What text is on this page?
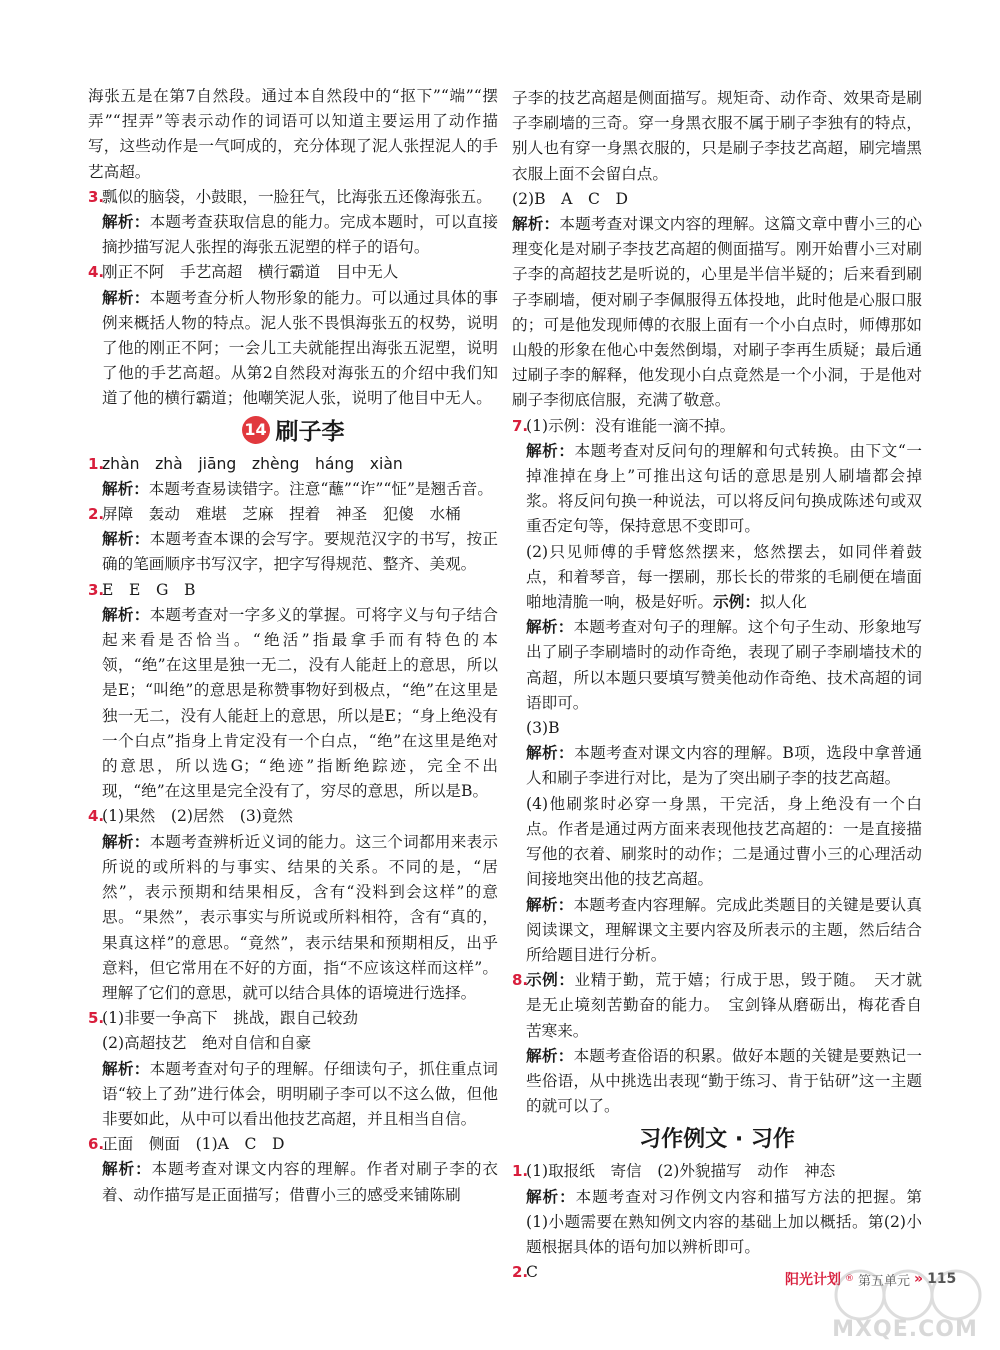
海张五是在第7自然段。通过本自然段中的“抠下”“端”“摆弄”“捏弄”等表示动作的词语可以知道主要运用了动作描写，这些动作是一气呵成的，充分体现了泥人张捏泥人的手艺高超。

3.

瓢似的脑袋，小鼓眼，一脸狂气，比海张五还像海张五。

解析：本题考查获取信息的能力。完成本题时，可以直接摘抄描写泥人张捏的海张五泥塑的样子的语句。

4.

刚正不阿　手艺高超　横行霸道　目中无人

解析：本题考查分析人物形象的能力。可以通过具体的事例来概括人物的特点。泥人张不畏惧海张五的权势，说明了他的刚正不阿；一会儿工夫就能捏出海张五泥塑，说明了他的手艺高超。从第2自然段对海张五的介绍中我们知道了他的横行霸道；他嘲笑泥人张，说明了他目中无人。

14 刷子李
1.

zhàn　zhà　jiāng　zhèng　háng　xiàn

解析：本题考查易读错字。注意“蘸”“诈”“怔”是翘舌音。

2.

屏障　轰动　难堪　芝麻　捏着　神圣　犯傻　水桶

解析：本题考查本课的会写字。要规范汉字的书写，按正确的笔画顺序书写汉字，把字写得规范、整齐、美观。

3.

E　E　G　B

解析：本题考查对一字多义的掌握。可将字义与句子结合起来看是否恰当。“绝活”指最拿手而有特色的本领，“绝”在这里是独一无二，没有人能赶上的意思，所以是E；“叫绝”的意思是称赞事物好到极点，“绝”在这里是独一无二，没有人能赶上的意思，所以是E；“身上绝没有一个白点”指身上肯定没有一个白点，“绝”在这里是绝对的意思，所以选G；“绝迹”指断绝踪迹，完全不出现，“绝”在这里是完全没有了，穷尽的意思，所以是B。

4.

(1)果然　(2)居然　(3)竟然

解析：本题考查辨析近义词的能力。这三个词都用来表示所说的或所料的与事实、结果的关系。不同的是，“居然”，表示预期和结果相反，含有“没料到会这样”的意思。“果然”，表示事实与所说或所料相符，含有“真的，果真这样”的意思。“竟然”，表示结果和预期相反，出乎意料，但它常用在不好的方面，指“不应该这样而这样”。理解了它们的意思，就可以结合具体的语境进行选择。

5.

(1)非要一争高下　挑战，跟自己较劲

(2)高超技艺　绝对自信和自豪

解析：本题考查对句子的理解。仔细读句子，抓住重点词语“较上了劲”进行体会，明明刷子李可以不这么做，但他非要如此，从中可以看出他技艺高超，并且相当自信。

6.

正面　侧面　(1)A　C　D

解析：本题考查对课文内容的理解。作者对刷子李的衣着、动作描写是正面描写；借曹小三的感受来铺陈刷

子李的技艺高超是侧面描写。规矩奇、动作奇、效果奇是刷子李刷墙的三奇。穿一身黑衣服不属于刷子李独有的特点，别人也有穿一身黑衣服的，只是刷子李技艺高超，刷完墙黑衣服上面不会留白点。

(2)B　A　C　D

解析：本题考查对课文内容的理解。这篇文章中曹小三的心理变化是对刷子李技艺高超的侧面描写。刚开始曹小三对刷子李的高超技艺是听说的，心里是半信半疑的；后来看到刷子李刷墙，便对刷子李佩服得五体投地，此时他是心服口服的；可是他发现师傅的衣服上面有一个小白点时，师傅那如山般的形象在他心中轰然倒塌，对刷子李再生质疑；最后通过刷子李的解释，他发现小白点竟然是一个小洞，于是他对刷子李彻底信服，充满了敬意。

7.

(1)示例：没有谁能一滴不掉。

解析：本题考查对反问句的理解和句式转换。由下文“一掉准掉在身上”可推出这句话的意思是别人刷墙都会掉浆。将反问句换一种说法，可以将反问句换成陈述句或双重否定句等，保持意思不变即可。

(2)只见师傅的手臂悠然摆来，悠然摆去，如同伴着鼓点，和着琴音，每一摆刷，那长长的带浆的毛刷便在墙面啪地清脆一响，极是好听。示例：拟人化

解析：本题考查对句子的理解。这个句子生动、形象地写出了刷子李刷墙时的动作奇绝，表现了刷子李刷墙技术的高超，所以本题只要填写赞美他动作奇绝、技术高超的词语即可。

(3)B

解析：本题考查对课文内容的理解。B项，选段中拿普通人和刷子李进行对比，是为了突出刷子李的技艺高超。

(4)他刷浆时必穿一身黑，干完活，身上绝没有一个白点。作者是通过两方面来表现他技艺高超的：一是直接描写他的衣着、刷浆时的动作；二是通过曹小三的心理活动间接地突出他的技艺高超。

解析：本题考查内容理解。完成此类题目的关键是要认真阅读课文，理解课文主要内容及所表示的主题，然后结合所给题目进行分析。

8.

示例：业精于勤，荒于嬉；行成于思，毁于随。　天才就是无止境刻苦勤奋的能力。　宝剑锋从磨砺出，梅花香自苦寒来。

解析：本题考查俗语的积累。做好本题的关键是要熟记一些俗语，从中挑选出表现“勤于练习、肯于钻研”这一主题的就可以了。

习作例文 · 习作
1.

(1)取报纸　寄信　(2)外貌描写　动作　神态

解析：本题考查对习作例文内容和描写方法的把握。第(1)小题需要在熟知例文内容的基础上加以概括。第(2)小题根据具体的语句加以辨析即可。

2.

C	阳光计划 ® 第五单元 » 115
MXQE.COM
